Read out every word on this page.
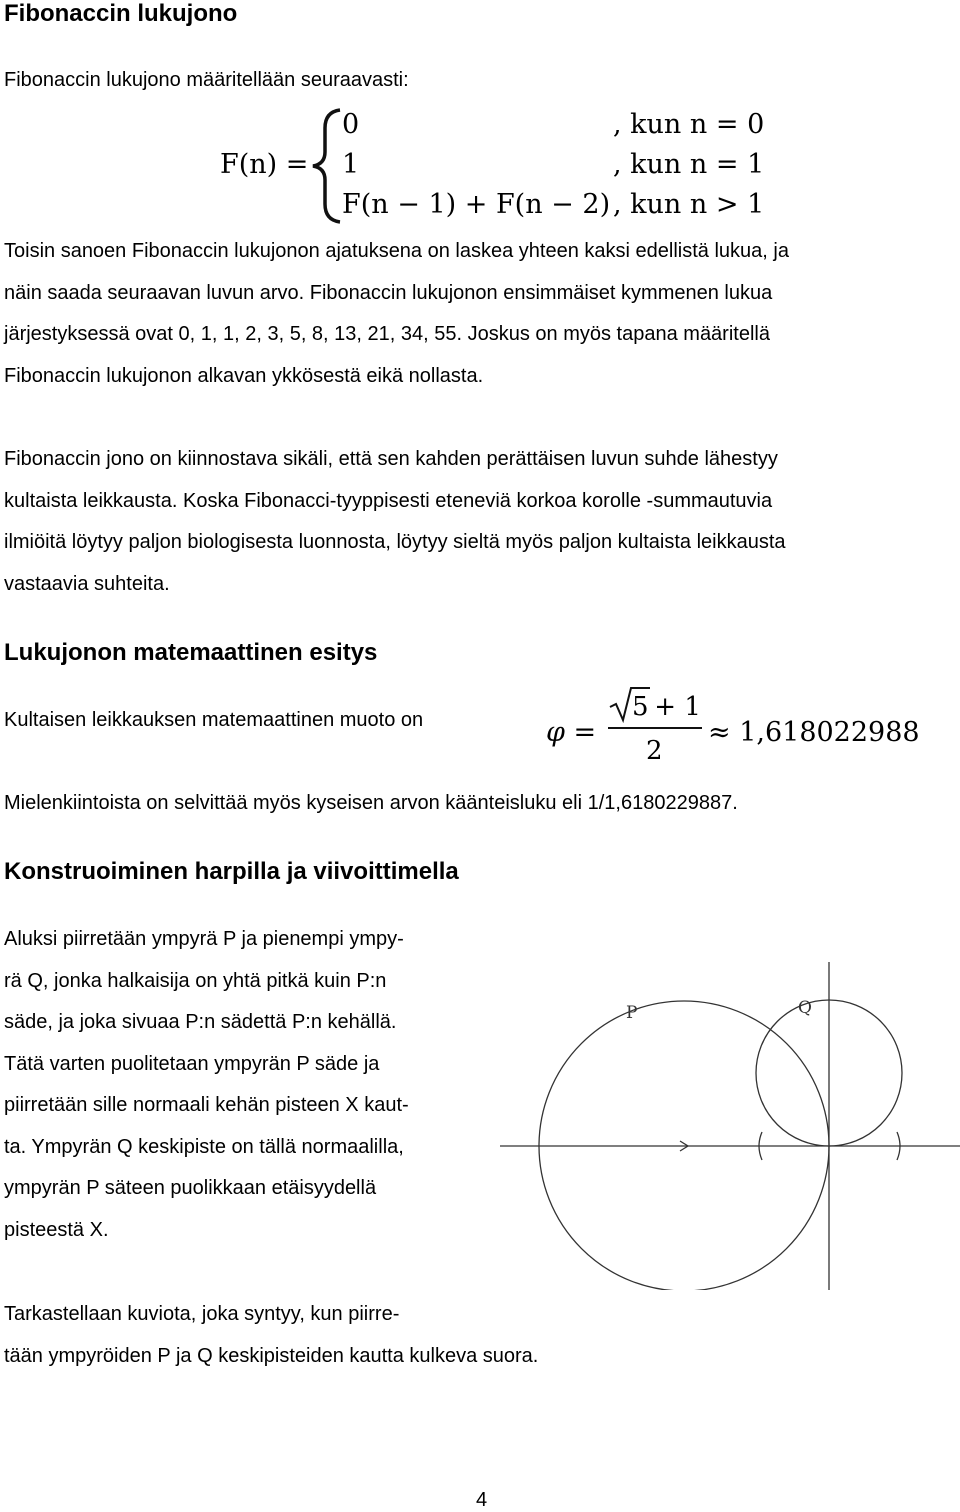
Fibonaccin lukujono
Fibonaccin lukujono määritellään seuraavasti:
F(n) =
0
1
F(n − 1) + F(n − 2)
, kun n = 0
, kun n = 1
, kun n > 1
Toisin sanoen Fibonaccin lukujonon ajatuksena on laskea yhteen kaksi edellistä lukua, ja
näin saada seuraavan luvun arvo. Fibonaccin lukujonon ensimmäiset kymmenen lukua
järjestyksessä ovat 0, 1, 1, 2, 3, 5, 8, 13, 21, 34, 55. Joskus on myös tapana määritellä
Fibonaccin lukujonon alkavan ykkösestä eikä nollasta.
Fibonaccin jono on kiinnostava sikäli, että sen kahden perättäisen luvun suhde lähestyy
kultaista leikkausta. Koska Fibonacci-tyyppisesti eteneviä korkoa korolle -summautuvia
ilmiöitä löytyy paljon biologisesta luonnosta, löytyy sieltä myös paljon kultaista leikkausta
vastaavia suhteita.
Lukujonon matemaattinen esitys
Kultaisen leikkauksen matemaattinen muoto on	φ =
5
+ 1
2
≈ 1,6180229887
Mielenkiintoista on selvittää myös kyseisen arvon käänteisluku eli 1/1,6180229887.
Konstruoiminen harpilla ja viivoittimella
Aluksi piirretään ympyrä P ja pienempi ympy-
rä Q, jonka halkaisija on yhtä pitkä kuin P:n
säde, ja joka sivuaa P:n sädettä P:n kehällä.
Tätä varten puolitetaan ympyrän P säde ja
piirretään sille normaali kehän pisteen X kaut-
ta. Ympyrän Q keskipiste on tällä normaalilla,
ympyrän P säteen puolikkaan etäisyydellä
pisteestä X.
P	Q
Tarkastellaan kuviota, joka syntyy, kun piirre-
tään ympyröiden P ja Q keskipisteiden kautta kulkeva suora.
4
